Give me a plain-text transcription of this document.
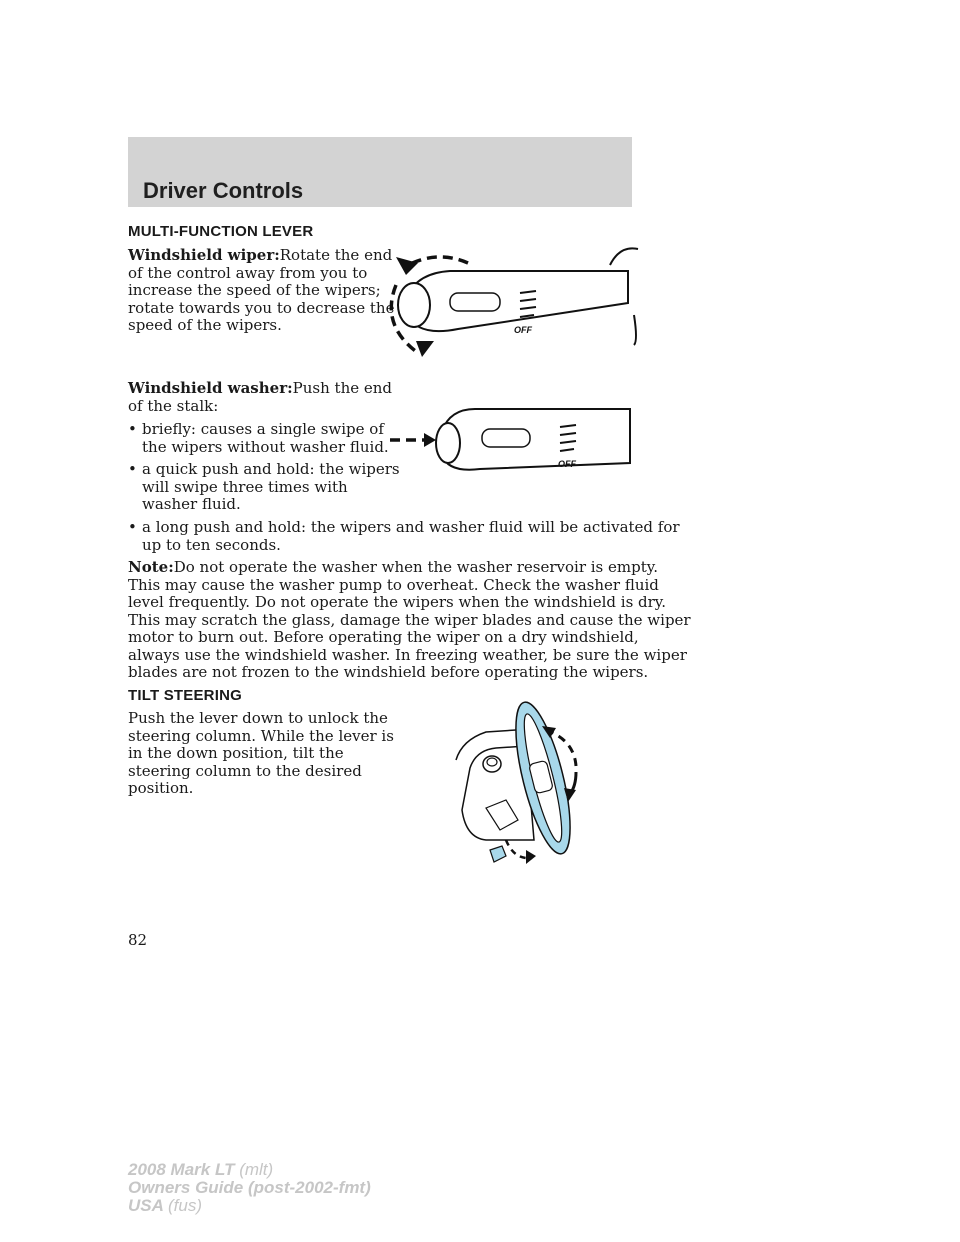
Driver Controls
MULTI-FUNCTION LEVER
Windshield wiper:Rotate the end
of the control away from you to
increase the speed of the wipers;
rotate towards you to decrease the
speed of the wipers.	OFF
Windshield washer:Push the end
of the stalk:
OFF
• briefly: causes a single swipe of
the wipers without washer fluid.
• a quick push and hold: the wipers
will swipe three times with
washer fluid.
• a long push and hold: the wipers and washer fluid will be activated for
up to ten seconds.
Note:Do not operate the washer when the washer reservoir is empty.
This may cause the washer pump to overheat. Check the washer fluid
level frequently. Do not operate the wipers when the windshield is dry.
This may scratch the glass, damage the wiper blades and cause the wiper
motor to burn out. Before operating the wiper on a dry windshield,
always use the windshield washer. In freezing weather, be sure the wiper
blades are not frozen to the windshield before operating the wipers.
TILT STEERING
Push the lever down to unlock the
steering column. While the lever is
in the down position, tilt the
steering column to the desired
position.

82

2008 Mark LT (mlt)
Owners Guide (post-2002-fmt)
USA (fus)
